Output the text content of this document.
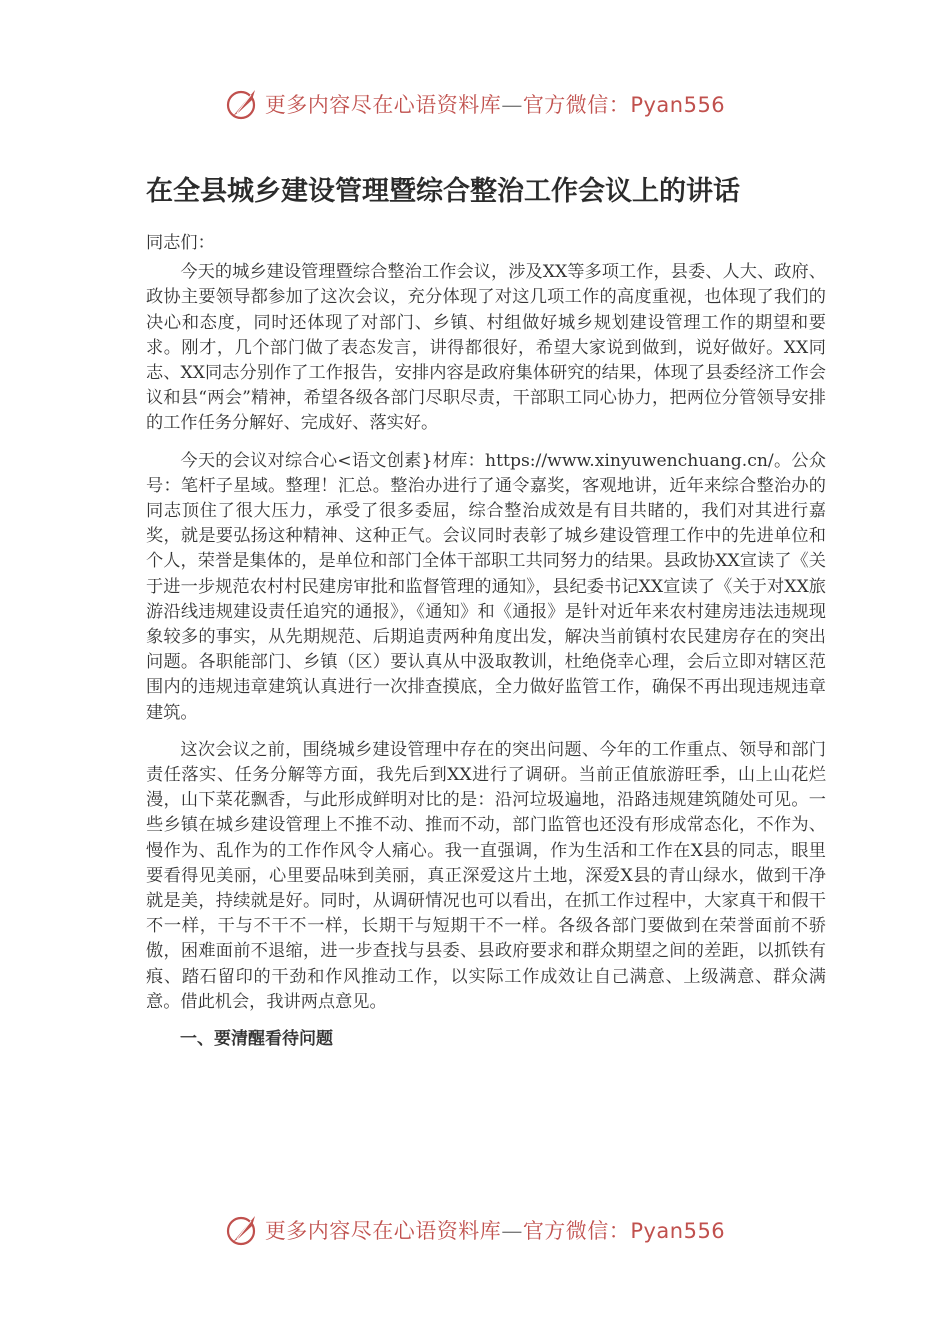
更多内容尽在心语资料库—官方微信：Pyan556
在全县城乡建设管理暨综合整治工作会议上的讲话

同志们：

今天的城乡建设管理暨综合整治工作会议，涉及XX等多项工作，县委、人大、政府、政协主要领导都参加了这次会议，充分体现了对这几项工作的高度重视，也体现了我们的决心和态度，同时还体现了对部门、乡镇、村组做好城乡规划建设管理工作的期望和要求。刚才，几个部门做了表态发言，讲得都很好，希望大家说到做到，说好做好。XX同志、XX同志分别作了工作报告，安排内容是政府集体研究的结果，体现了县委经济工作会议和县“两会”精神，希望各级各部门尽职尽责，干部职工同心协力，把两位分管领导安排的工作任务分解好、完成好、落实好。

今天的会议对综合心<语文创素}材库：https://www.xinyuwenchuang.cn/。公众号：笔杆子星域。整理！汇总。整治办进行了通令嘉奖，客观地讲，近年来综合整治办的同志顶住了很大压力，承受了很多委屈，综合整治成效是有目共睹的，我们对其进行嘉奖，就是要弘扬这种精神、这种正气。会议同时表彰了城乡建设管理工作中的先进单位和个人，荣誉是集体的，是单位和部门全体干部职工共同努力的结果。县政协XX宣读了《关于进一步规范农村村民建房审批和监督管理的通知》，县纪委书记XX宣读了《关于对XX旅游沿线违规建设责任追究的通报》，《通知》和《通报》是针对近年来农村建房违法违规现象较多的事实，从先期规范、后期追责两种角度出发，解决当前镇村农民建房存在的突出问题。各职能部门、乡镇（区）要认真从中汲取教训，杜绝侥幸心理，会后立即对辖区范围内的违规违章建筑认真进行一次排查摸底，全力做好监管工作，确保不再出现违规违章建筑。

这次会议之前，围绕城乡建设管理中存在的突出问题、今年的工作重点、领导和部门责任落实、任务分解等方面，我先后到XX进行了调研。当前正值旅游旺季，山上山花烂漫，山下菜花飘香，与此形成鲜明对比的是：沿河垃圾遍地，沿路违规建筑随处可见。一些乡镇在城乡建设管理上不推不动、推而不动，部门监管也还没有形成常态化，不作为、慢作为、乱作为的工作作风令人痛心。我一直强调，作为生活和工作在X县的同志，眼里要看得见美丽，心里要品味到美丽，真正深爱这片土地，深爱X县的青山绿水，做到干净就是美，持续就是好。同时，从调研情况也可以看出，在抓工作过程中，大家真干和假干不一样，干与不干不一样，长期干与短期干不一样。各级各部门要做到在荣誉面前不骄傲，困难面前不退缩，进一步查找与县委、县政府要求和群众期望之间的差距，以抓铁有痕、踏石留印的干劲和作风推动工作，以实际工作成效让自己满意、上级满意、群众满意。借此机会，我讲两点意见。

一、要清醒看待问题

更多内容尽在心语资料库—官方微信：Pyan556
